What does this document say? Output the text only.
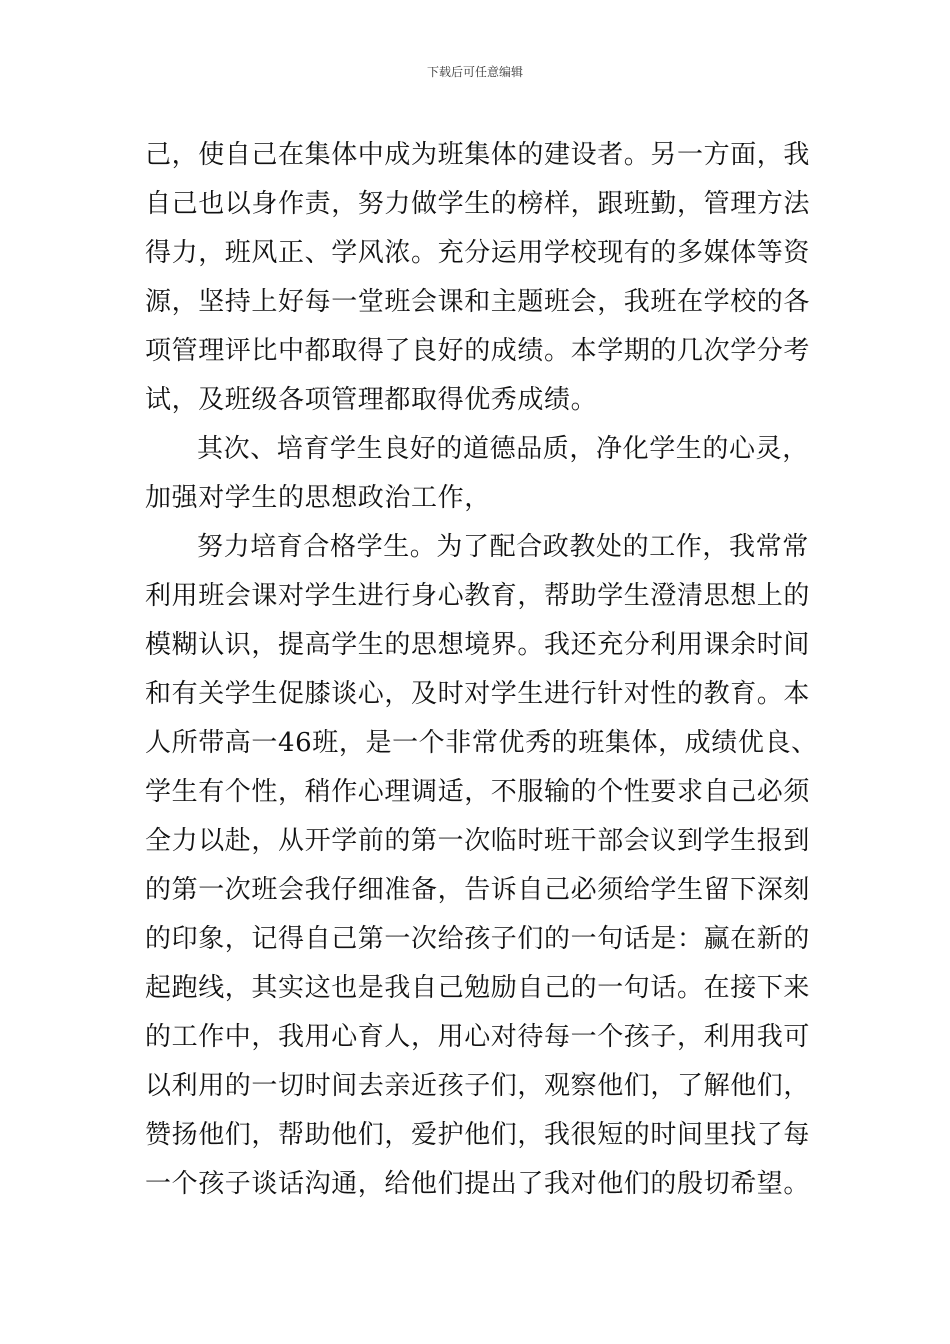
下载后可任意编辑
己，使自己在集体中成为班集体的建设者。另一方面，我
自己也以身作责，努力做学生的榜样，跟班勤，管理方法
得力，班风正、学风浓。充分运用学校现有的多媒体等资
源，坚持上好每一堂班会课和主题班会，我班在学校的各
项管理评比中都取得了良好的成绩。本学期的几次学分考
试，及班级各项管理都取得优秀成绩。
其次、培育学生良好的道德品质，净化学生的心灵，
加强对学生的思想政治工作，
努力培育合格学生。为了配合政教处的工作，我常常
利用班会课对学生进行身心教育，帮助学生澄清思想上的
模糊认识，提高学生的思想境界。我还充分利用课余时间
和有关学生促膝谈心，及时对学生进行针对性的教育。本
人所带高一46班，是一个非常优秀的班集体，成绩优良、
学生有个性，稍作心理调适，不服输的个性要求自己必须
全力以赴，从开学前的第一次临时班干部会议到学生报到
的第一次班会我仔细准备，告诉自己必须给学生留下深刻
的印象，记得自己第一次给孩子们的一句话是：赢在新的
起跑线，其实这也是我自己勉励自己的一句话。在接下来
的工作中，我用心育人，用心对待每一个孩子，利用我可
以利用的一切时间去亲近孩子们，观察他们，了解他们，
赞扬他们，帮助他们，爱护他们，我很短的时间里找了每
一个孩子谈话沟通，给他们提出了我对他们的殷切希望。
